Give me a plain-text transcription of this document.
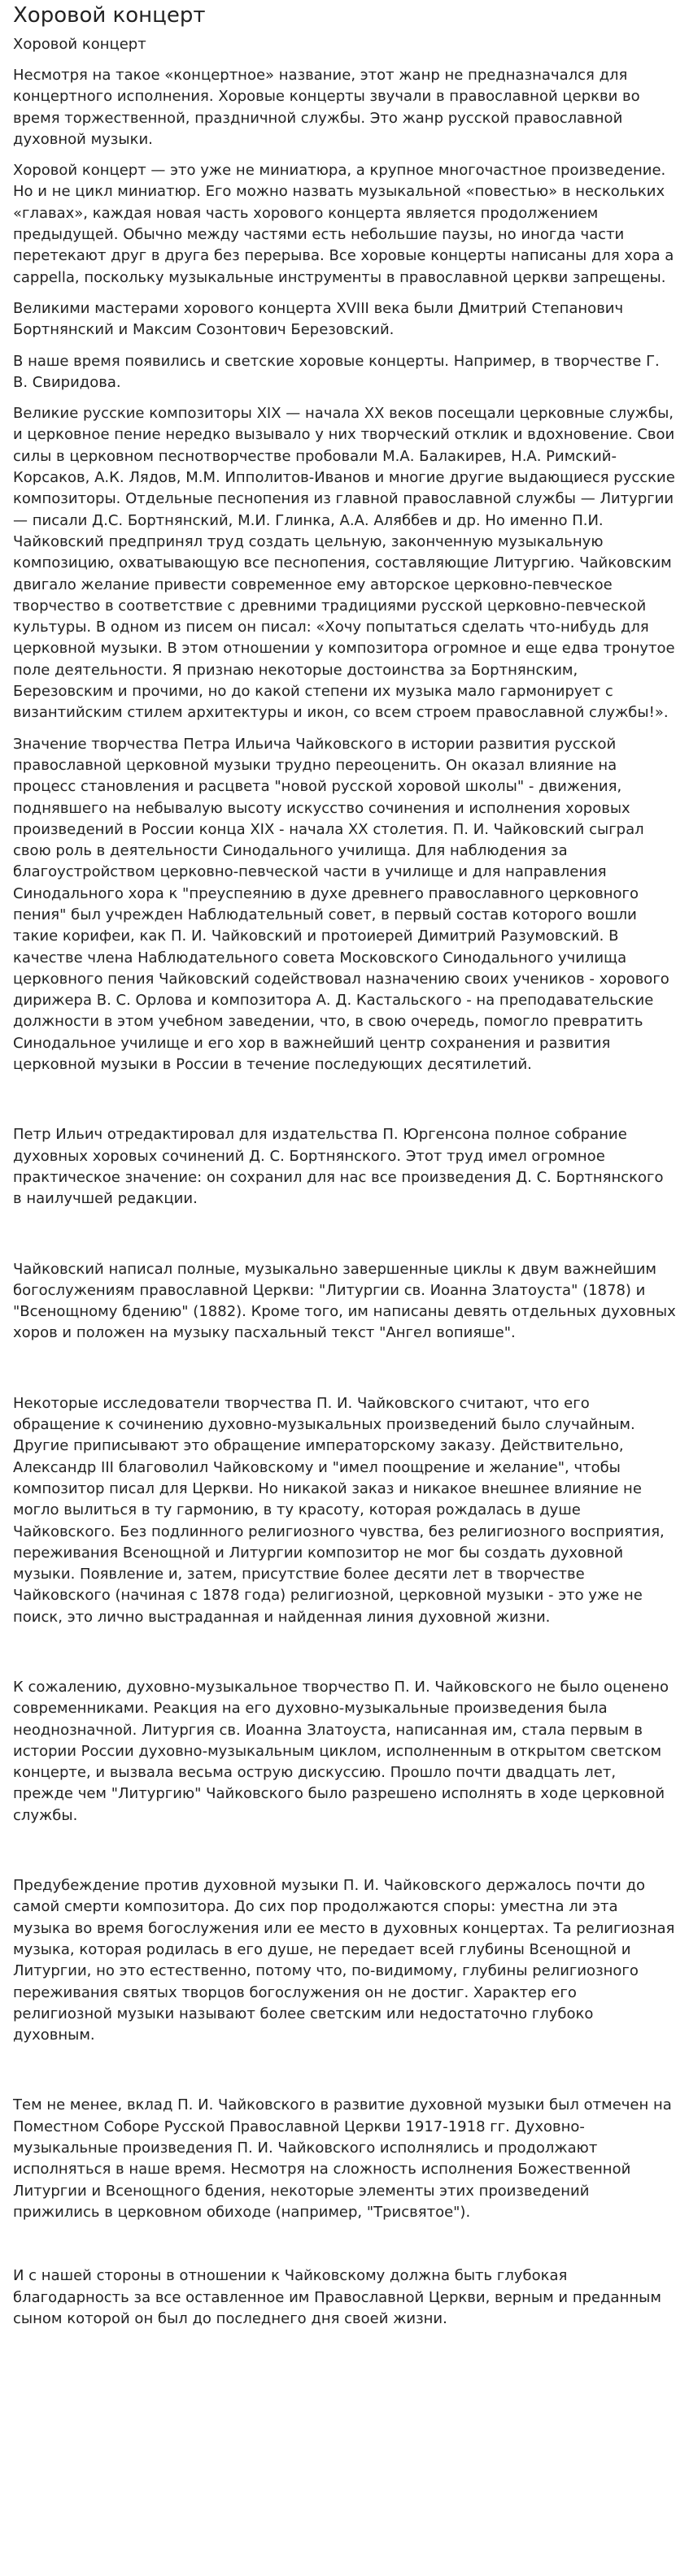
Хоровой концерт
Хоровой концерт

Несмотря на такое «концертное» название, этот жанр не предназначался для концертного исполнения. Хоровые концерты звучали в православной церкви во время торжественной, праздничной службы. Это жанр русской православной духовной музыки.

Хоровой концерт — это уже не миниатюра, а крупное многочастное произведение. Но и не цикл миниатюр. Его можно назвать музыкальной «повестью» в нескольких «главах», каждая новая часть хорового концерта является продолжением предыдущей. Обычно между частями есть небольшие паузы, но иногда части перетекают друг в друга без перерыва. Все хоровые концерты написаны для хора a cappella, поскольку музыкальные инструменты в православной церкви запрещены.

Великими мастерами хорового концерта XVIII века были Дмитрий Степанович Бортнянский и Максим Созонтович Березовский.

В наше время появились и светские хоровые концерты. Например, в творчестве Г. В. Свиридова.

Великие русские композиторы XIX — начала XX веков посещали церковные службы, и церковное пение нередко вызывало у них творческий отклик и вдохновение. Свои силы в церковном песнотворчестве пробовали М.А. Балакирев, Н.А. Римский-Корсаков, А.К. Лядов, М.М. Ипполитов-Иванов и многие другие выдающиеся русские композиторы. Отдельные песнопения из главной православной службы — Литургии — писали Д.С. Бортнянский, М.И. Глинка, А.А. Аляббев и др. Но именно П.И. Чайковский предпринял труд создать цельную, законченную музыкальную композицию, охватывающую все песнопения, составляющие Литургию. Чайковским двигало желание привести современное ему авторское церковно-певческое творчество в соответствие с древними традициями русской церковно-певческой культуры. В одном из писем он писал: «Хочу попытаться сделать что-нибудь для церковной музыки. В этом отношении у композитора огромное и еще едва тронутое поле деятельности. Я признаю некоторые достоинства за Бортнянским, Березовским и прочими, но до какой степени их музыка мало гармонирует с византийским стилем архитектуры и икон, со всем строем православной службы!».

Значение творчества Петра Ильича Чайковского в истории развития русской православной церковной музыки трудно переоценить. Он оказал влияние на процесс становления и расцвета "новой русской хоровой школы" - движения, поднявшего на небывалую высоту искусство сочинения и исполнения хоровых произведений в России конца XIX - начала XX столетия. П. И. Чайковский сыграл свою роль в деятельности Синодального училища. Для наблюдения за благоустройством церковно-певческой части в училище и для направления Синодального хора к "преуспеянию в духе древнего православного церковного пения" был учрежден Наблюдательный совет, в первый состав которого вошли такие корифеи, как П. И. Чайковский и протоиерей Димитрий Разумовский. В качестве члена Наблюдательного совета Московского Синодального училища церковного пения Чайковский содействовал назначению своих учеников - хорового дирижера В. С. Орлова и композитора А. Д. Кастальского - на преподавательские должности в этом учебном заведении, что, в свою очередь, помогло превратить Синодальное училище и его хор в важнейший центр сохранения и развития церковной музыки в России в течение последующих десятилетий.

Петр Ильич отредактировал для издательства П. Юргенсона полное собрание духовных хоровых сочинений Д. С. Бортнянского. Этот труд имел огромное практическое значение: он сохранил для нас все произведения Д. С. Бортнянского в наилучшей редакции.

Чайковский написал полные, музыкально завершенные циклы к двум важнейшим богослужениям православной Церкви: "Литургии св. Иоанна Златоуста" (1878) и "Всенощному бдению" (1882). Кроме того, им написаны девять отдельных духовных хоров и положен на музыку пасхальный текст "Ангел вопияше".

Некоторые исследователи творчества П. И. Чайковского считают, что его обращение к сочинению духовно-музыкальных произведений было случайным. Другие приписывают это обращение императорскому заказу. Действительно, Александр III благоволил Чайковскому и "имел поощрение и желание", чтобы композитор писал для Церкви. Но никакой заказ и никакое внешнее влияние не могло вылиться в ту гармонию, в ту красоту, которая рождалась в душе Чайковского. Без подлинного религиозного чувства, без религиозного восприятия, переживания Всенощной и Литургии композитор не мог бы создать духовной музыки. Появление и, затем, присутствие более десяти лет в творчестве Чайковского (начиная с 1878 года) религиозной, церковной музыки - это уже не поиск, это лично выстраданная и найденная линия духовной жизни.

К сожалению, духовно-музыкальное творчество П. И. Чайковского не было оценено современниками. Реакция на его духовно-музыкальные произведения была неоднозначной. Литургия св. Иоанна Златоуста, написанная им, стала первым в истории России духовно-музыкальным циклом, исполненным в открытом светском концерте, и вызвала весьма острую дискуссию. Прошло почти двадцать лет, прежде чем "Литургию" Чайковского было разрешено исполнять в ходе церковной службы.

Предубеждение против духовной музыки П. И. Чайковского держалось почти до самой смерти композитора. До сих пор продолжаются споры: уместна ли эта музыка во время богослужения или ее место в духовных концертах. Та религиозная музыка, которая родилась в его душе, не передает всей глубины Всенощной и Литургии, но это естественно, потому что, по-видимому, глубины религиозного переживания святых творцов богослужения он не достиг. Характер его религиозной музыки называют более светским или недостаточно глубоко духовным.

Тем не менее, вклад П. И. Чайковского в развитие духовной музыки был отмечен на Поместном Соборе Русской Православной Церкви 1917-1918 гг. Духовно-музыкальные произведения П. И. Чайковского исполнялись и продолжают исполняться в наше время. Несмотря на сложность исполнения Божественной Литургии и Всенощного бдения, некоторые элементы этих произведений прижились в церковном обиходе (например, "Трисвятое").

И с нашей стороны в отношении к Чайковскому должна быть глубокая благодарность за все оставленное им Православной Церкви, верным и преданным сыном которой он был до последнего дня своей жизни.
